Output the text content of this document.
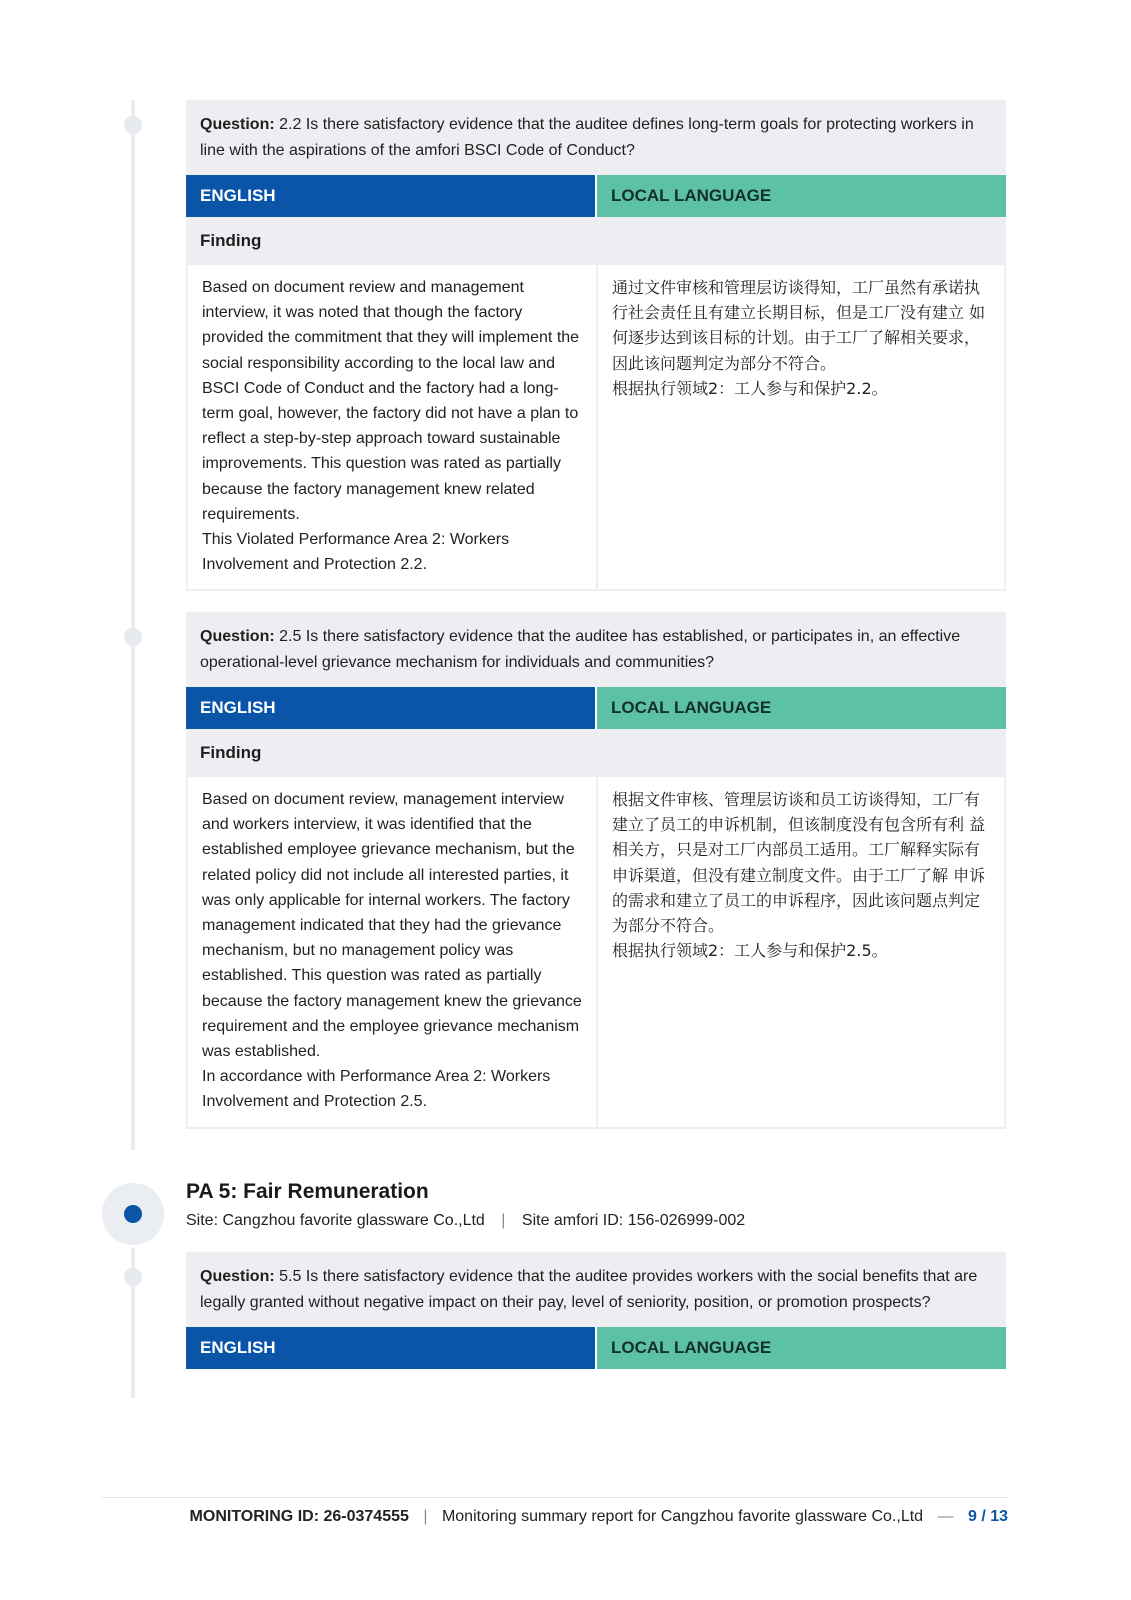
Question: 2.2 Is there satisfactory evidence that the auditee defines long-term goals for protecting workers in line with the aspirations of the amfori BSCI Code of Conduct?
ENGLISH	LOCAL LANGUAGE
Finding
Based on document review and management interview, it was noted that though the factory provided the commitment that they will implement the social responsibility according to the local law and BSCI Code of Conduct and the factory had a long-term goal, however, the factory did not have a plan to reflect a step-by-step approach toward sustainable improvements. This question was rated as partially because the factory management knew related requirements.
This Violated Performance Area 2: Workers Involvement and Protection 2.2.
通过文件审核和管理层访谈得知，工厂虽然有承诺执行社会责任且有建立长期目标，但是工厂没有建立 如何逐步达到该目标的计划。由于工厂了解相关要求，因此该问题判定为部分不符合。
根据执行领域2：工人参与和保护2.2。
Question: 2.5 Is there satisfactory evidence that the auditee has established, or participates in, an effective operational-level grievance mechanism for individuals and communities?
ENGLISH	LOCAL LANGUAGE
Finding
Based on document review, management interview and workers interview, it was identified that the established employee grievance mechanism, but the related policy did not include all interested parties, it was only applicable for internal workers. The factory management indicated that they had the grievance mechanism, but no management policy was established. This question was rated as partially because the factory management knew the grievance requirement and the employee grievance mechanism was established.
In accordance with Performance Area 2: Workers Involvement and Protection 2.5.
根据文件审核、管理层访谈和员工访谈得知，工厂有建立了员工的申诉机制，但该制度没有包含所有利 益相关方，只是对工厂内部员工适用。工厂解释实际有申诉渠道，但没有建立制度文件。由于工厂了解 申诉的需求和建立了员工的申诉程序，因此该问题点判定为部分不符合。
根据执行领域2：工人参与和保护2.5。
PA 5: Fair Remuneration
Site: Cangzhou favorite glassware Co.,Ltd | Site amfori ID: 156-026999-002
Question: 5.5 Is there satisfactory evidence that the auditee provides workers with the social benefits that are legally granted without negative impact on their pay, level of seniority, position, or promotion prospects?
ENGLISH	LOCAL LANGUAGE
MONITORING ID: 26-0374555 | Monitoring summary report for Cangzhou favorite glassware Co.,Ltd — 9 / 13
